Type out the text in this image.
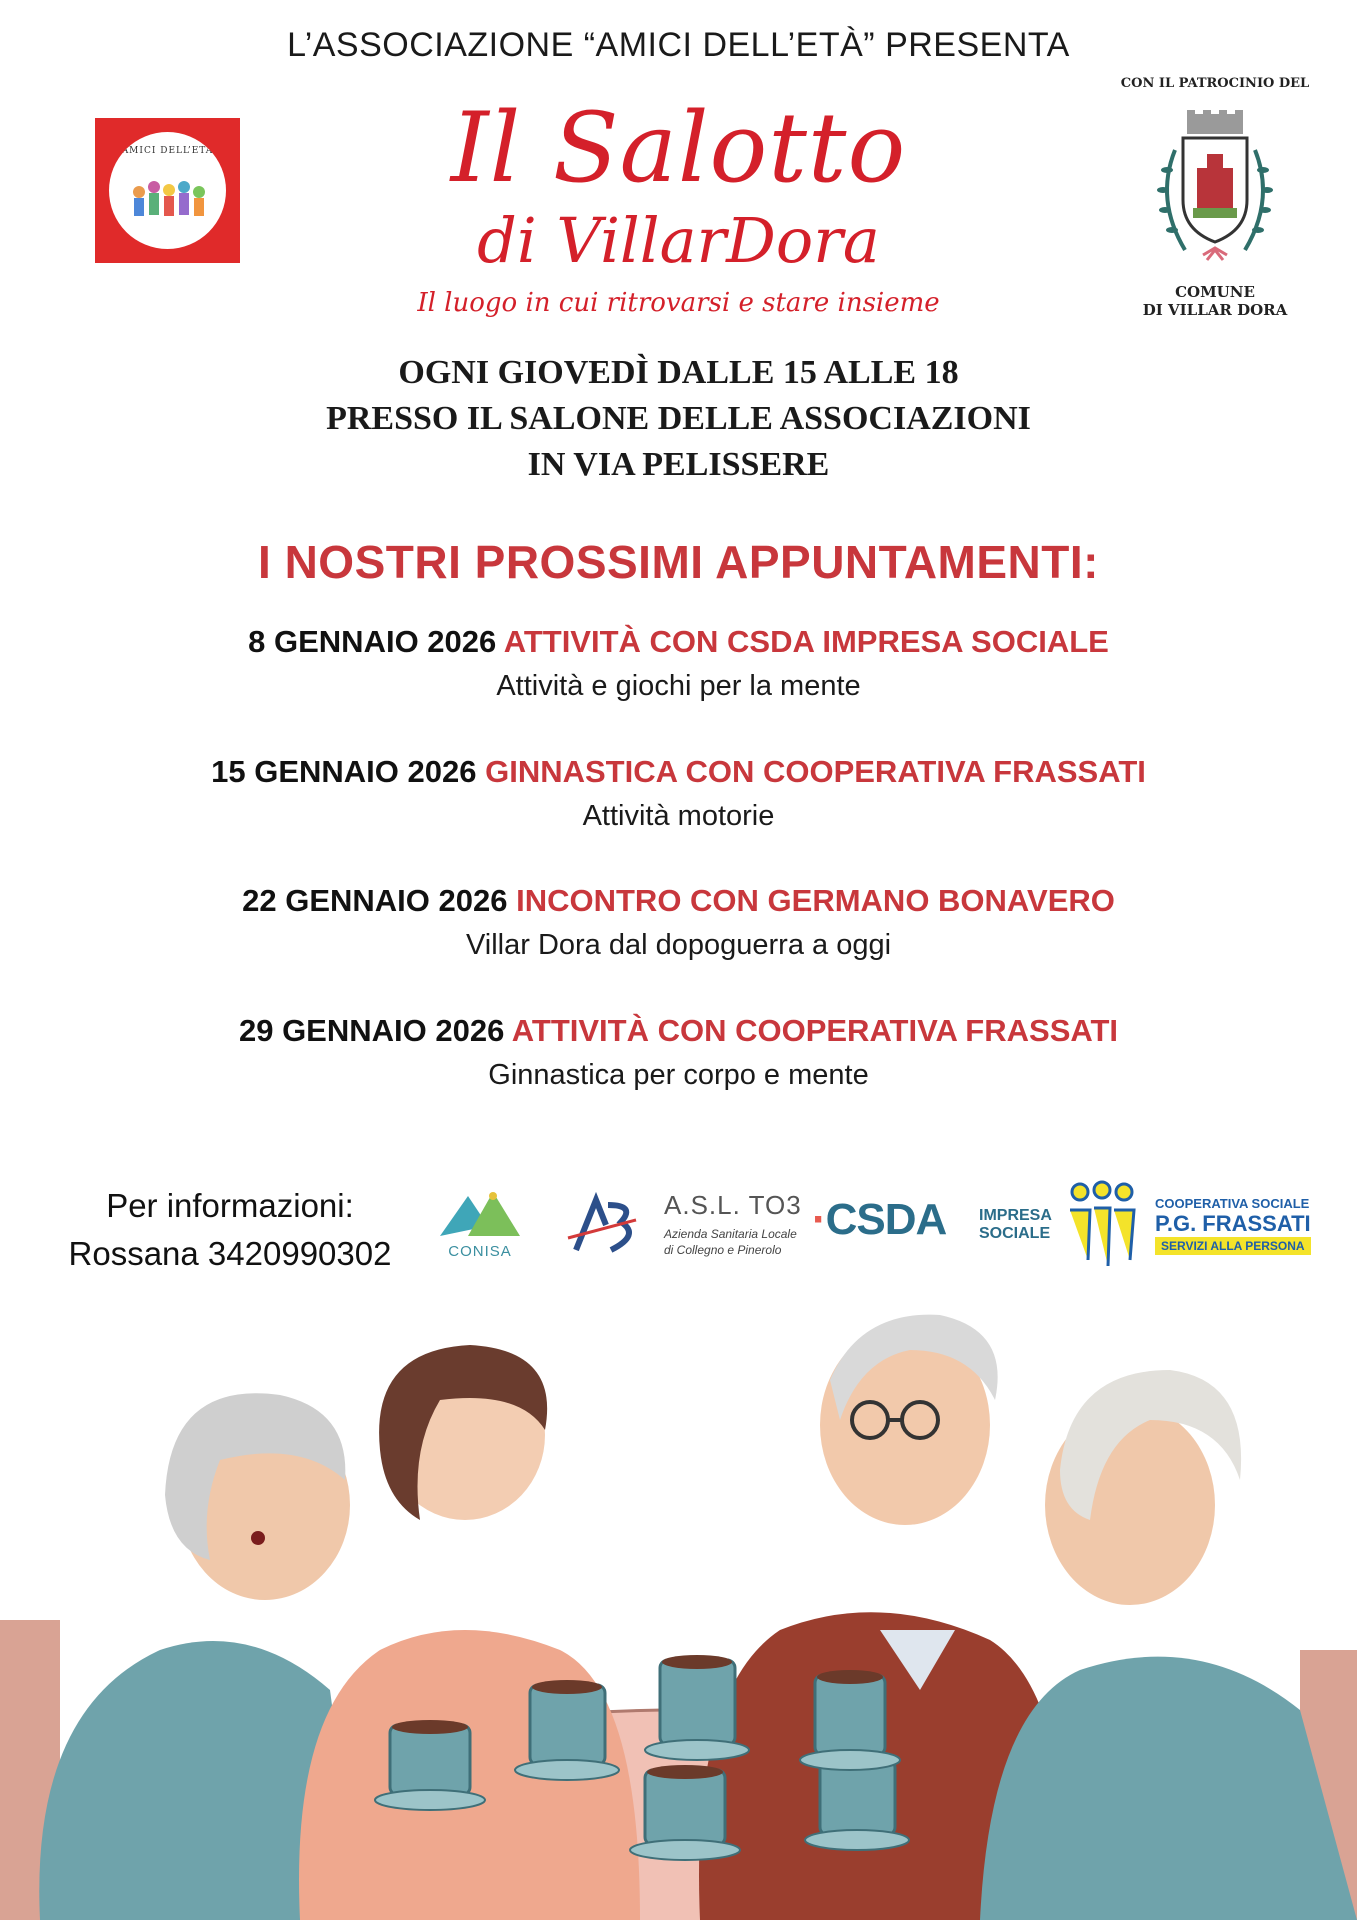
L’ASSOCIAZIONE “AMICI DELL’ETÀ” PRESENTA
AMICI DELL’ETÀ	Il Salotto
di VillarDora
Il luogo in cui ritrovarsi e stare insieme
CON IL PATROCINIO DEL
COMUNE
DI VILLAR DORA
OGNI GIOVEDÌ DALLE 15 ALLE 18
PRESSO IL SALONE DELLE ASSOCIAZIONI
IN VIA PELISSERE
I NOSTRI PROSSIMI APPUNTAMENTI:
8 GENNAIO 2026 ATTIVITÀ CON CSDA IMPRESA SOCIALE
Attività e giochi per la mente
15 GENNAIO 2026 GINNASTICA CON COOPERATIVA FRASSATI
Attività motorie
22 GENNAIO 2026 INCONTRO CON GERMANO BONAVERO
Villar Dora dal dopoguerra a oggi
29 GENNAIO 2026 ATTIVITÀ CON COOPERATIVA FRASSATI
Ginnastica per corpo e mente
Per informazioni:
Rossana 3420990302	CONISA
A.S.L. TO3
Azienda Sanitaria Locale
di Collegno e Pinerolo
·CSDA IMPRESA
SOCIALE
COOPERATIVA SOCIALE
P.G. FRASSATI
SERVIZI ALLA PERSONA
